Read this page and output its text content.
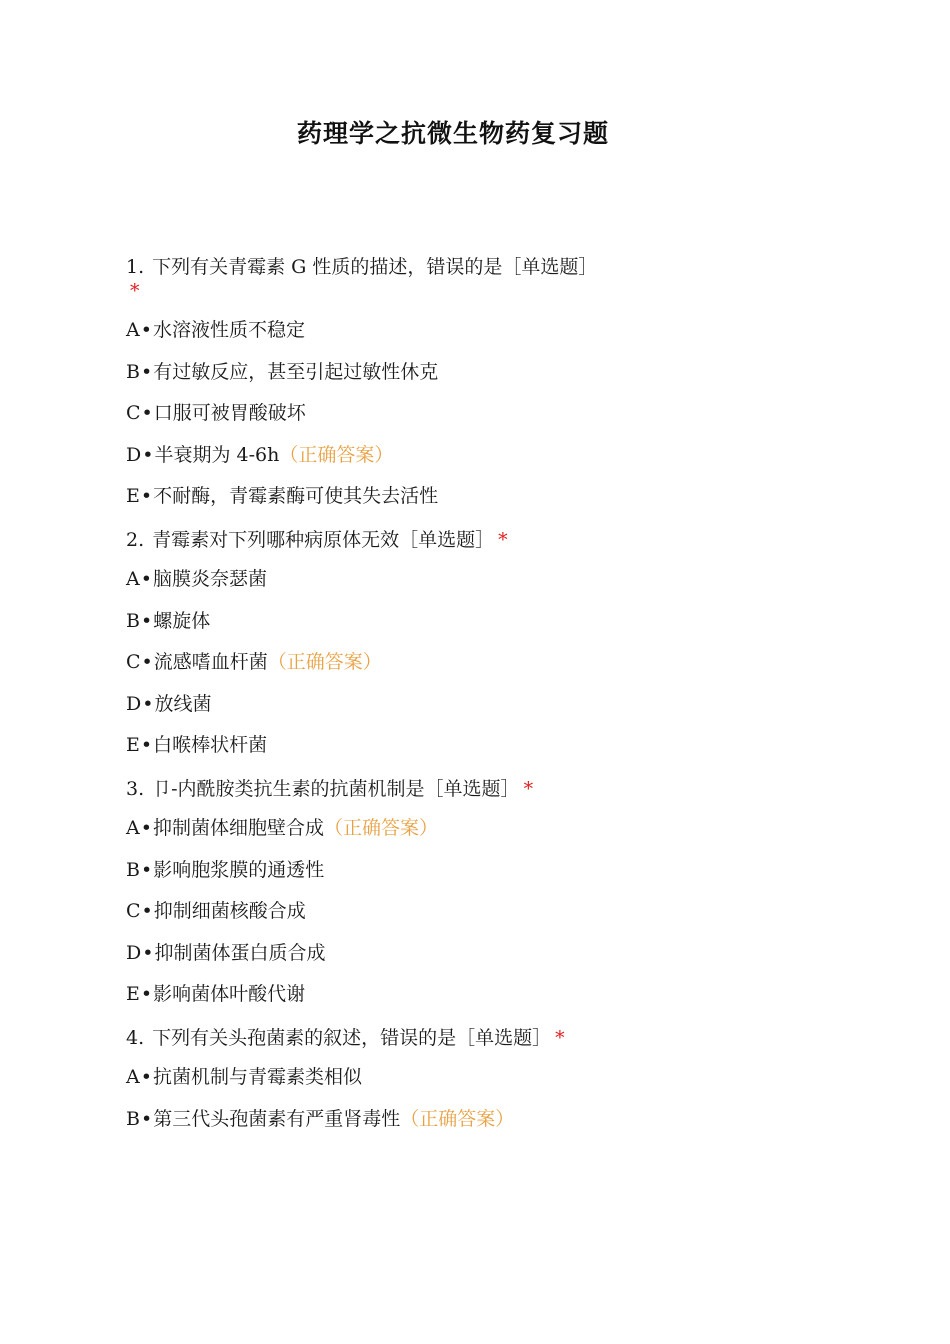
药理学之抗微生物药复习题
1. 下列有关青霉素 G 性质的描述，错误的是［单选题］*
A•水溶液性质不稳定
B•有过敏反应，甚至引起过敏性休克
C•口服可被胃酸破坏
D•半衰期为 4-6h（正确答案）
E•不耐酶，青霉素酶可使其失去活性
2. 青霉素对下列哪种病原体无效［单选题］ *
A•脑膜炎奈瑟菌
B•螺旋体
C•流感嗜血杆菌（正确答案）
D•放线菌
E•白喉棒状杆菌
3. 卩-内酰胺类抗生素的抗菌机制是［单选题］ *
A•抑制菌体细胞壁合成（正确答案）
B•影响胞浆膜的通透性
C•抑制细菌核酸合成
D•抑制菌体蛋白质合成
E•影响菌体叶酸代谢
4. 下列有关头孢菌素的叙述，错误的是［单选题］ *
A•抗菌机制与青霉素类相似
B•第三代头孢菌素有严重肾毒性（正确答案）
